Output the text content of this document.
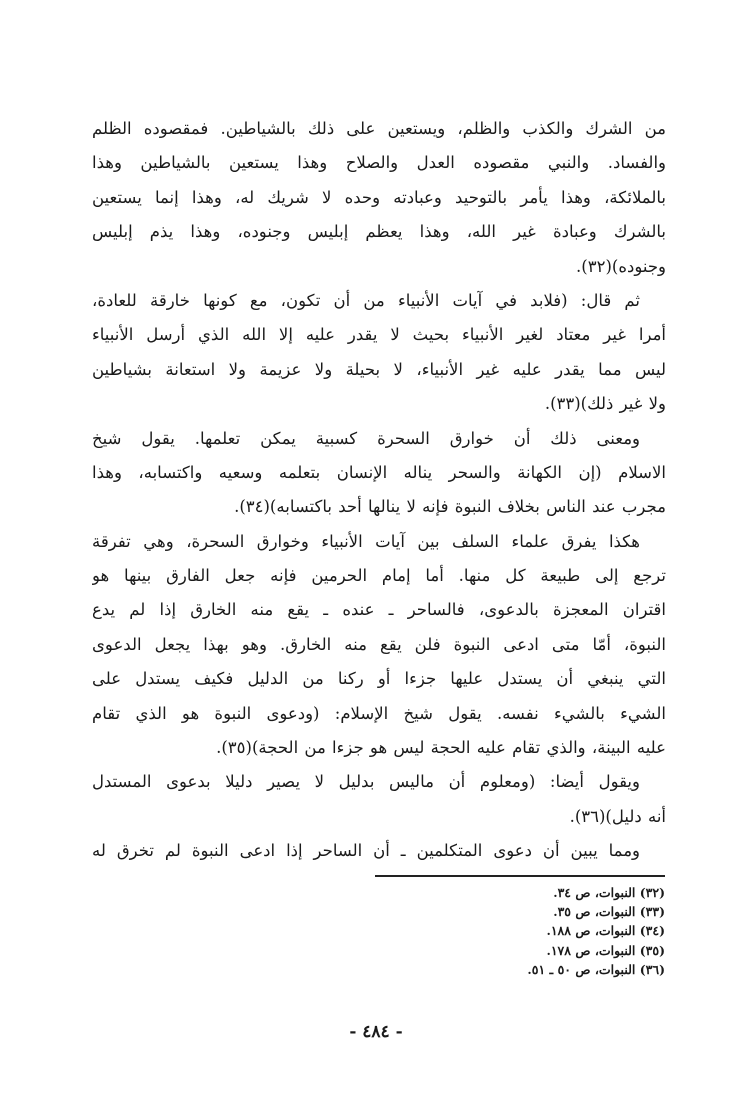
من الشرك والكذب والظلم، ويستعين على ذلك بالشياطين. فمقصوده الظلم
والفساد. والنبي مقصوده العدل والصلاح وهذا يستعين بالشياطين وهذا
بالملائكة، وهذا يأمر بالتوحيد وعبادته وحده لا شريك له، وهذا إنما يستعين
بالشرك وعبادة غير الله، وهذا يعظم إبليس وجنوده، وهذا يذم إبليس
وجنوده)(٣٢).
ثم قال: (فلابد في آيات الأنبياء من أن تكون، مع كونها خارقة للعادة،
أمرا غير معتاد لغير الأنبياء بحيث لا يقدر عليه إلا الله الذي أرسل الأنبياء
ليس مما يقدر عليه غير الأنبياء، لا بحيلة ولا عزيمة ولا استعانة بشياطين
ولا غير ذلك)(٣٣).
ومعنى ذلك أن خوارق السحرة كسبية يمكن تعلمها. يقول شيخ
الاسلام (إن الكهانة والسحر يناله الإنسان بتعلمه وسعيه واكتسابه، وهذا
مجرب عند الناس بخلاف النبوة فإنه لا ينالها أحد باكتسابه)(٣٤).
هكذا يفرق علماء السلف بين آيات الأنبياء وخوارق السحرة، وهي تفرقة
ترجع إلى طبيعة كل منها. أما إمام الحرمين فإنه جعل الفارق بينها هو
اقتران المعجزة بالدعوى، فالساحر ـ عنده ـ يقع منه الخارق إذا لم يدع
النبوة، أمّا متى ادعى النبوة فلن يقع منه الخارق. وهو بهذا يجعل الدعوى
التي ينبغي أن يستدل عليها جزءا أو ركنا من الدليل فكيف يستدل على
الشيء بالشيء نفسه. يقول شيخ الإسلام: (ودعوى النبوة هو الذي تقام
عليه البينة، والذي تقام عليه الحجة ليس هو جزءا من الحجة)(٣٥).
ويقول أيضا: (ومعلوم أن ماليس بدليل لا يصير دليلا بدعوى المستدل
أنه دليل)(٣٦).
ومما يبين أن دعوى المتكلمين ـ أن الساحر إذا ادعى النبوة لم تخرق له
(٣٢) النبوات، ص ٣٤.
(٣٣) النبوات، ص ٣٥.
(٣٤) النبوات، ص ١٨٨.
(٣٥) النبوات، ص ١٧٨.
(٣٦) النبوات، ص ٥٠ ـ ٥١.
- ٤٨٤ -
